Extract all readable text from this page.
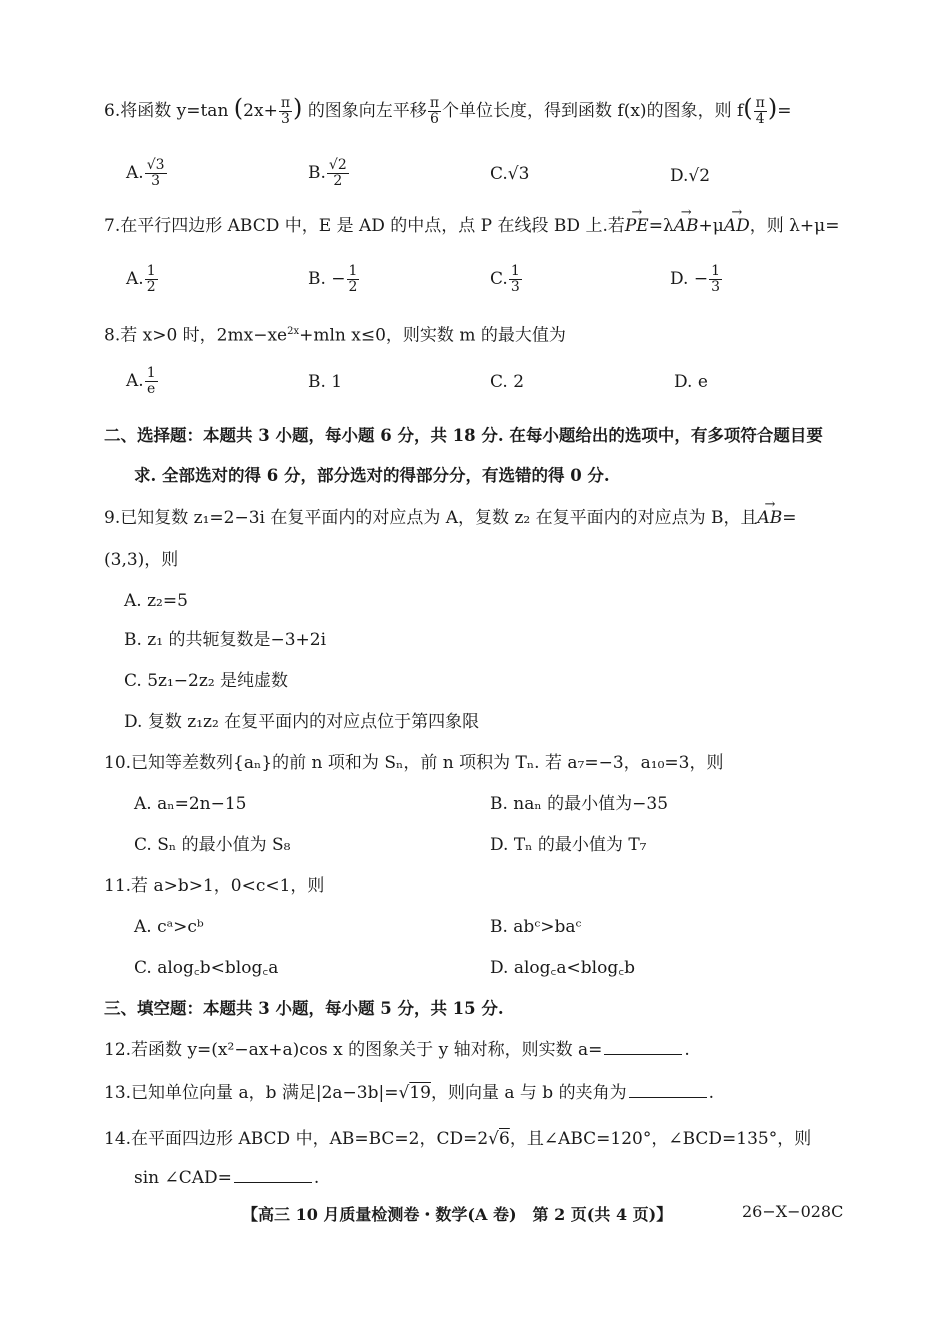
6.将函数 y=tan ($2x+ \frac{\pi}{3}$ ) 的图象向左平移 $\frac{\pi}{6}$ 个单位长度，得到函数 f(x)的图象，则 $f( \frac{\pi}{4}$ )=
A. $\frac{√3}{3}$	B. $\frac{√2}{2}$	C.√3	D.√2
7.在平行四边形 ABCD 中，E 是 AD 的中点，点 P 在线段 BD 上.若PE →=λAB →+μAD →，则 λ+μ=
A. $\frac{1}{2}$	B. − $\frac{1}{2}$	C. $\frac{1}{3}$	D. − $\frac{1}{3}$
8.若 x>0 时，$2mx-xe^{2x}+mln$ x≤0，则实数 m 的最大值为
A. $\frac{1}{e}$	B. 1	C. 2	D. e
二、选择题：本题共 3 小题，每小题 6 分，共 18 分. 在每小题给出的选项中，有多项符合题目要
求. 全部选对的得 6 分，部分选对的得部分分，有选错的得 0 分.
9.已知复数 z₁=2−3i 在复平面内的对应点为 A，复数 z₂ 在复平面内的对应点为 B，且AB →=
(3,3)，则
A. z₂=5
B. z₁ 的共轭复数是−3+2i
C. 5z₁−2z₂ 是纯虚数
D. 复数 z₁z₂ 在复平面内的对应点位于第四象限
10.已知等差数列{aₙ}的前 n 项和为 Sₙ，前 n 项积为 Tₙ. 若 a₇=−3，a₁₀=3，则
A. aₙ=2n−15	B. naₙ 的最小值为−35
C. Sₙ 的最小值为 S₈	D. Tₙ 的最小值为 T₇
11.若 a>b>1，0<c<1，则
A. cᵃ>cᵇ	B. abᶜ>baᶜ
C. alog꜀b<blog꜀a	D. alog꜀a<blog꜀b
三、填空题：本题共 3 小题，每小题 5 分，共 15 分.
12.若函数 y=(x²−ax+a)cos x 的图象关于 y 轴对称，则实数 a=	.
13.已知单位向量 a，b 满足|2a−3b|=√19，则向量 a 与 b 的夹角为	.
14.在平面四边形 ABCD 中，AB=BC=2，CD=2√6，且∠ABC=120°，∠BCD=135°，则
sin ∠CAD=	.
【高三 10 月质量检测卷・数学(A 卷)　第 2 页(共 4 页)】	26−X−028C
